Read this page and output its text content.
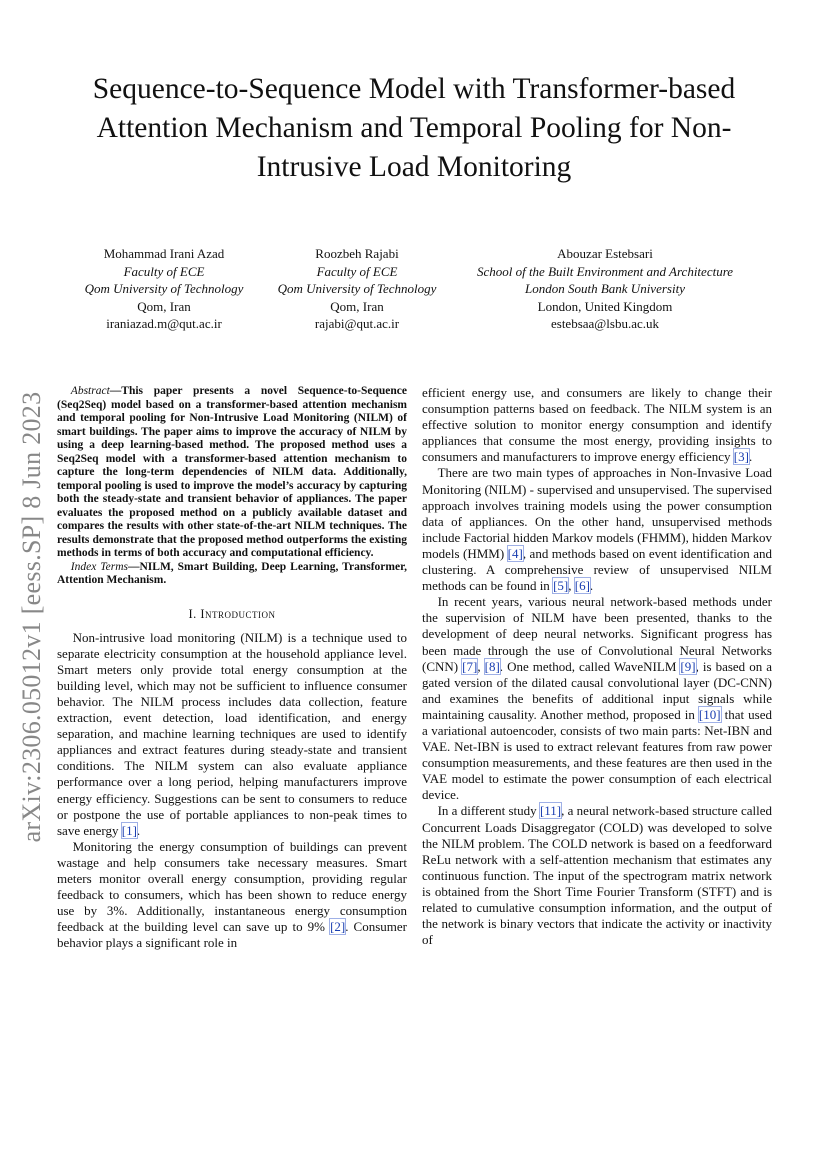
arXiv:2306.05012v1 [eess.SP] 8 Jun 2023
Sequence-to-Sequence Model with Transformer-based Attention Mechanism and Temporal Pooling for Non-Intrusive Load Monitoring
Mohammad Irani Azad
Faculty of ECE
Qom University of Technology
Qom, Iran
iraniazad.m@qut.ac.ir
Roozbeh Rajabi
Faculty of ECE
Qom University of Technology
Qom, Iran
rajabi@qut.ac.ir
Abouzar Estebsari
School of the Built Environment and Architecture
London South Bank University
London, United Kingdom
estebsaa@lsbu.ac.uk

Abstract—This paper presents a novel Sequence-to-Sequence (Seq2Seq) model based on a transformer-based attention mechanism and temporal pooling for Non-Intrusive Load Monitoring (NILM) of smart buildings. The paper aims to improve the accuracy of NILM by using a deep learning-based method. The proposed method uses a Seq2Seq model with a transformer-based attention mechanism to capture the long-term dependencies of NILM data. Additionally, temporal pooling is used to improve the model’s accuracy by capturing both the steady-state and transient behavior of appliances. The paper evaluates the proposed method on a publicly available dataset and compares the results with other state-of-the-art NILM techniques. The results demonstrate that the proposed method outperforms the existing methods in terms of both accuracy and computational efficiency.

Index Terms—NILM, Smart Building, Deep Learning, Transformer, Attention Mechanism.

I. Introduction

Non-intrusive load monitoring (NILM) is a technique used to separate electricity consumption at the household appliance level. Smart meters only provide total energy consumption at the building level, which may not be sufficient to influence consumer behavior. The NILM process includes data collection, feature extraction, event detection, load identification, and energy separation, and machine learning techniques are used to identify appliances and extract features during steady-state and transient conditions. The NILM system can also evaluate appliance performance over a long period, helping manufacturers improve energy efficiency. Suggestions can be sent to consumers to reduce or postpone the use of portable appliances to non-peak times to save energy [1].

Monitoring the energy consumption of buildings can prevent wastage and help consumers take necessary measures. Smart meters monitor overall energy consumption, providing regular feedback to consumers, which has been shown to reduce energy use by 3%. Additionally, instantaneous energy consumption feedback at the building level can save up to 9% [2]. Consumer behavior plays a significant role in

efficient energy use, and consumers are likely to change their consumption patterns based on feedback. The NILM system is an effective solution to monitor energy consumption and identify appliances that consume the most energy, providing insights to consumers and manufacturers to improve energy efficiency [3].

There are two main types of approaches in Non-Invasive Load Monitoring (NILM) - supervised and unsupervised. The supervised approach involves training models using the power consumption data of appliances. On the other hand, unsupervised methods include Factorial hidden Markov models (FHMM), hidden Markov models (HMM) [4], and methods based on event identification and clustering. A comprehensive review of unsupervised NILM methods can be found in [5], [6].

In recent years, various neural network-based methods under the supervision of NILM have been presented, thanks to the development of deep neural networks. Significant progress has been made through the use of Convolutional Neural Networks (CNN) [7], [8]. One method, called WaveNILM [9], is based on a gated version of the dilated causal convolutional layer (DC-CNN) and examines the benefits of additional input signals while maintaining causality. Another method, proposed in [10] that used a variational autoencoder, consists of two main parts: Net-IBN and VAE. Net-IBN is used to extract relevant features from raw power consumption measurements, and these features are then used in the VAE model to estimate the power consumption of each electrical device.

In a different study [11], a neural network-based structure called Concurrent Loads Disaggregator (COLD) was developed to solve the NILM problem. The COLD network is based on a feedforward ReLu network with a self-attention mechanism that estimates any continuous function. The input of the spectrogram matrix network is obtained from the Short Time Fourier Transform (STFT) and is related to cumulative consumption information, and the output of the network is binary vectors that indicate the activity or inactivity of
